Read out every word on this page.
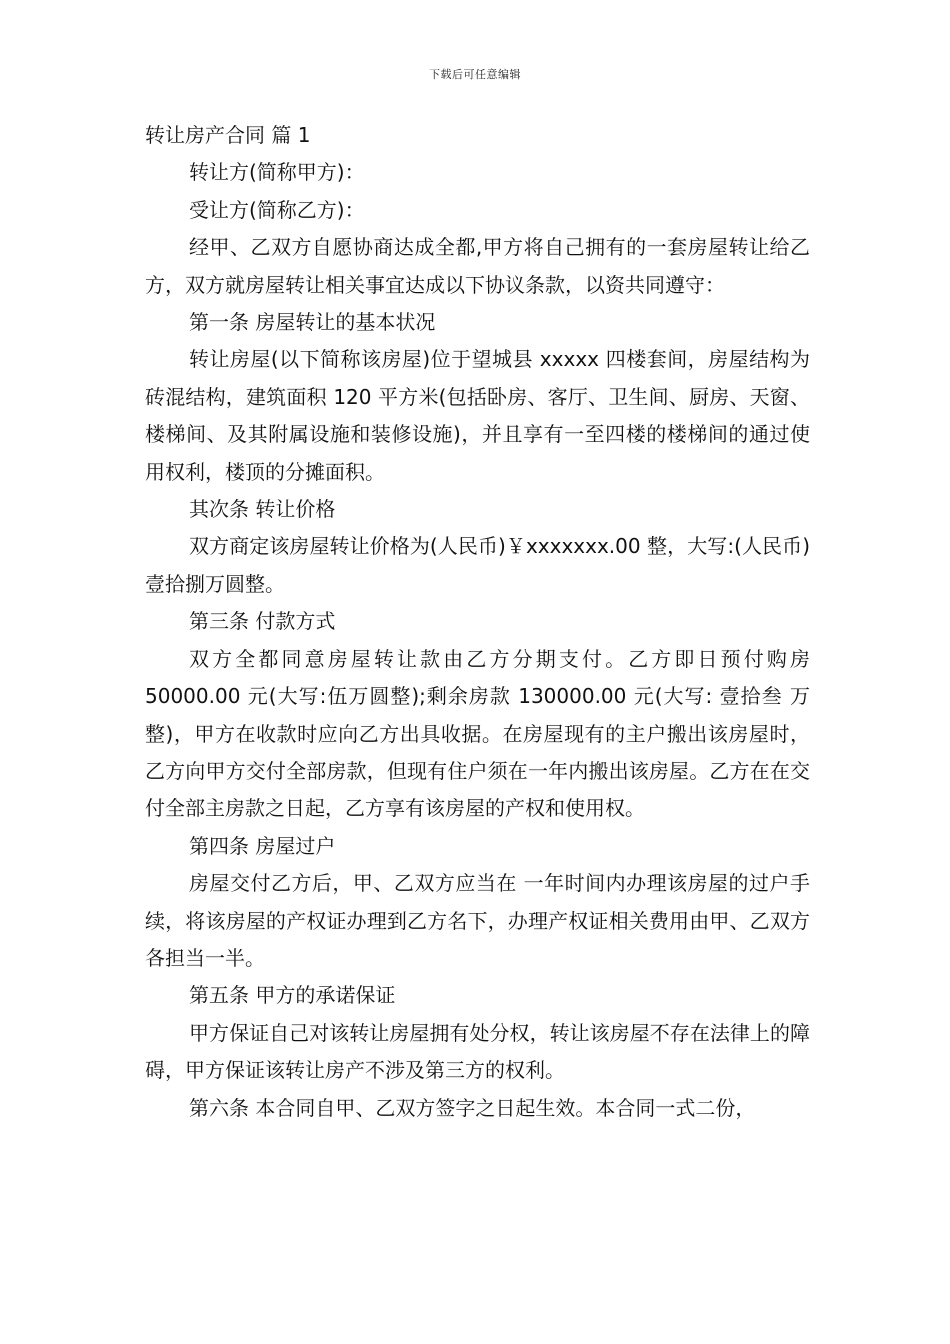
下载后可任意编辑

转让房产合同 篇 1

转让方(简称甲方)：

受让方(简称乙方)：

经甲、乙双方自愿协商达成全都,甲方将自己拥有的一套房屋转让给乙方，双方就房屋转让相关事宜达成以下协议条款，以资共同遵守：

第一条 房屋转让的基本状况

转让房屋(以下简称该房屋)位于望城县 xxxxx 四楼套间，房屋结构为砖混结构，建筑面积 120 平方米(包括卧房、客厅、卫生间、厨房、天窗、楼梯间、及其附属设施和装修设施)，并且享有一至四楼的楼梯间的通过使用权利，楼顶的分摊面积。

其次条 转让价格

双方商定该房屋转让价格为(人民币)￥xxxxxxx.00 整，大写:(人民币)壹拾捌万圆整。

第三条 付款方式

双方全都同意房屋转让款由乙方分期支付。乙方即日预付购房 50000.00 元(大写:伍万圆整);剩余房款 130000.00 元(大写: 壹拾叁 万整)，甲方在收款时应向乙方出具收据。在房屋现有的主户搬出该房屋时，乙方向甲方交付全部房款，但现有住户须在一年内搬出该房屋。乙方在在交付全部主房款之日起，乙方享有该房屋的产权和使用权。

第四条 房屋过户

房屋交付乙方后，甲、乙双方应当在 一年时间内办理该房屋的过户手续，将该房屋的产权证办理到乙方名下，办理产权证相关费用由甲、乙双方各担当一半。

第五条 甲方的承诺保证

甲方保证自己对该转让房屋拥有处分权，转让该房屋不存在法律上的障碍，甲方保证该转让房产不涉及第三方的权利。

第六条 本合同自甲、乙双方签字之日起生效。本合同一式二份，
